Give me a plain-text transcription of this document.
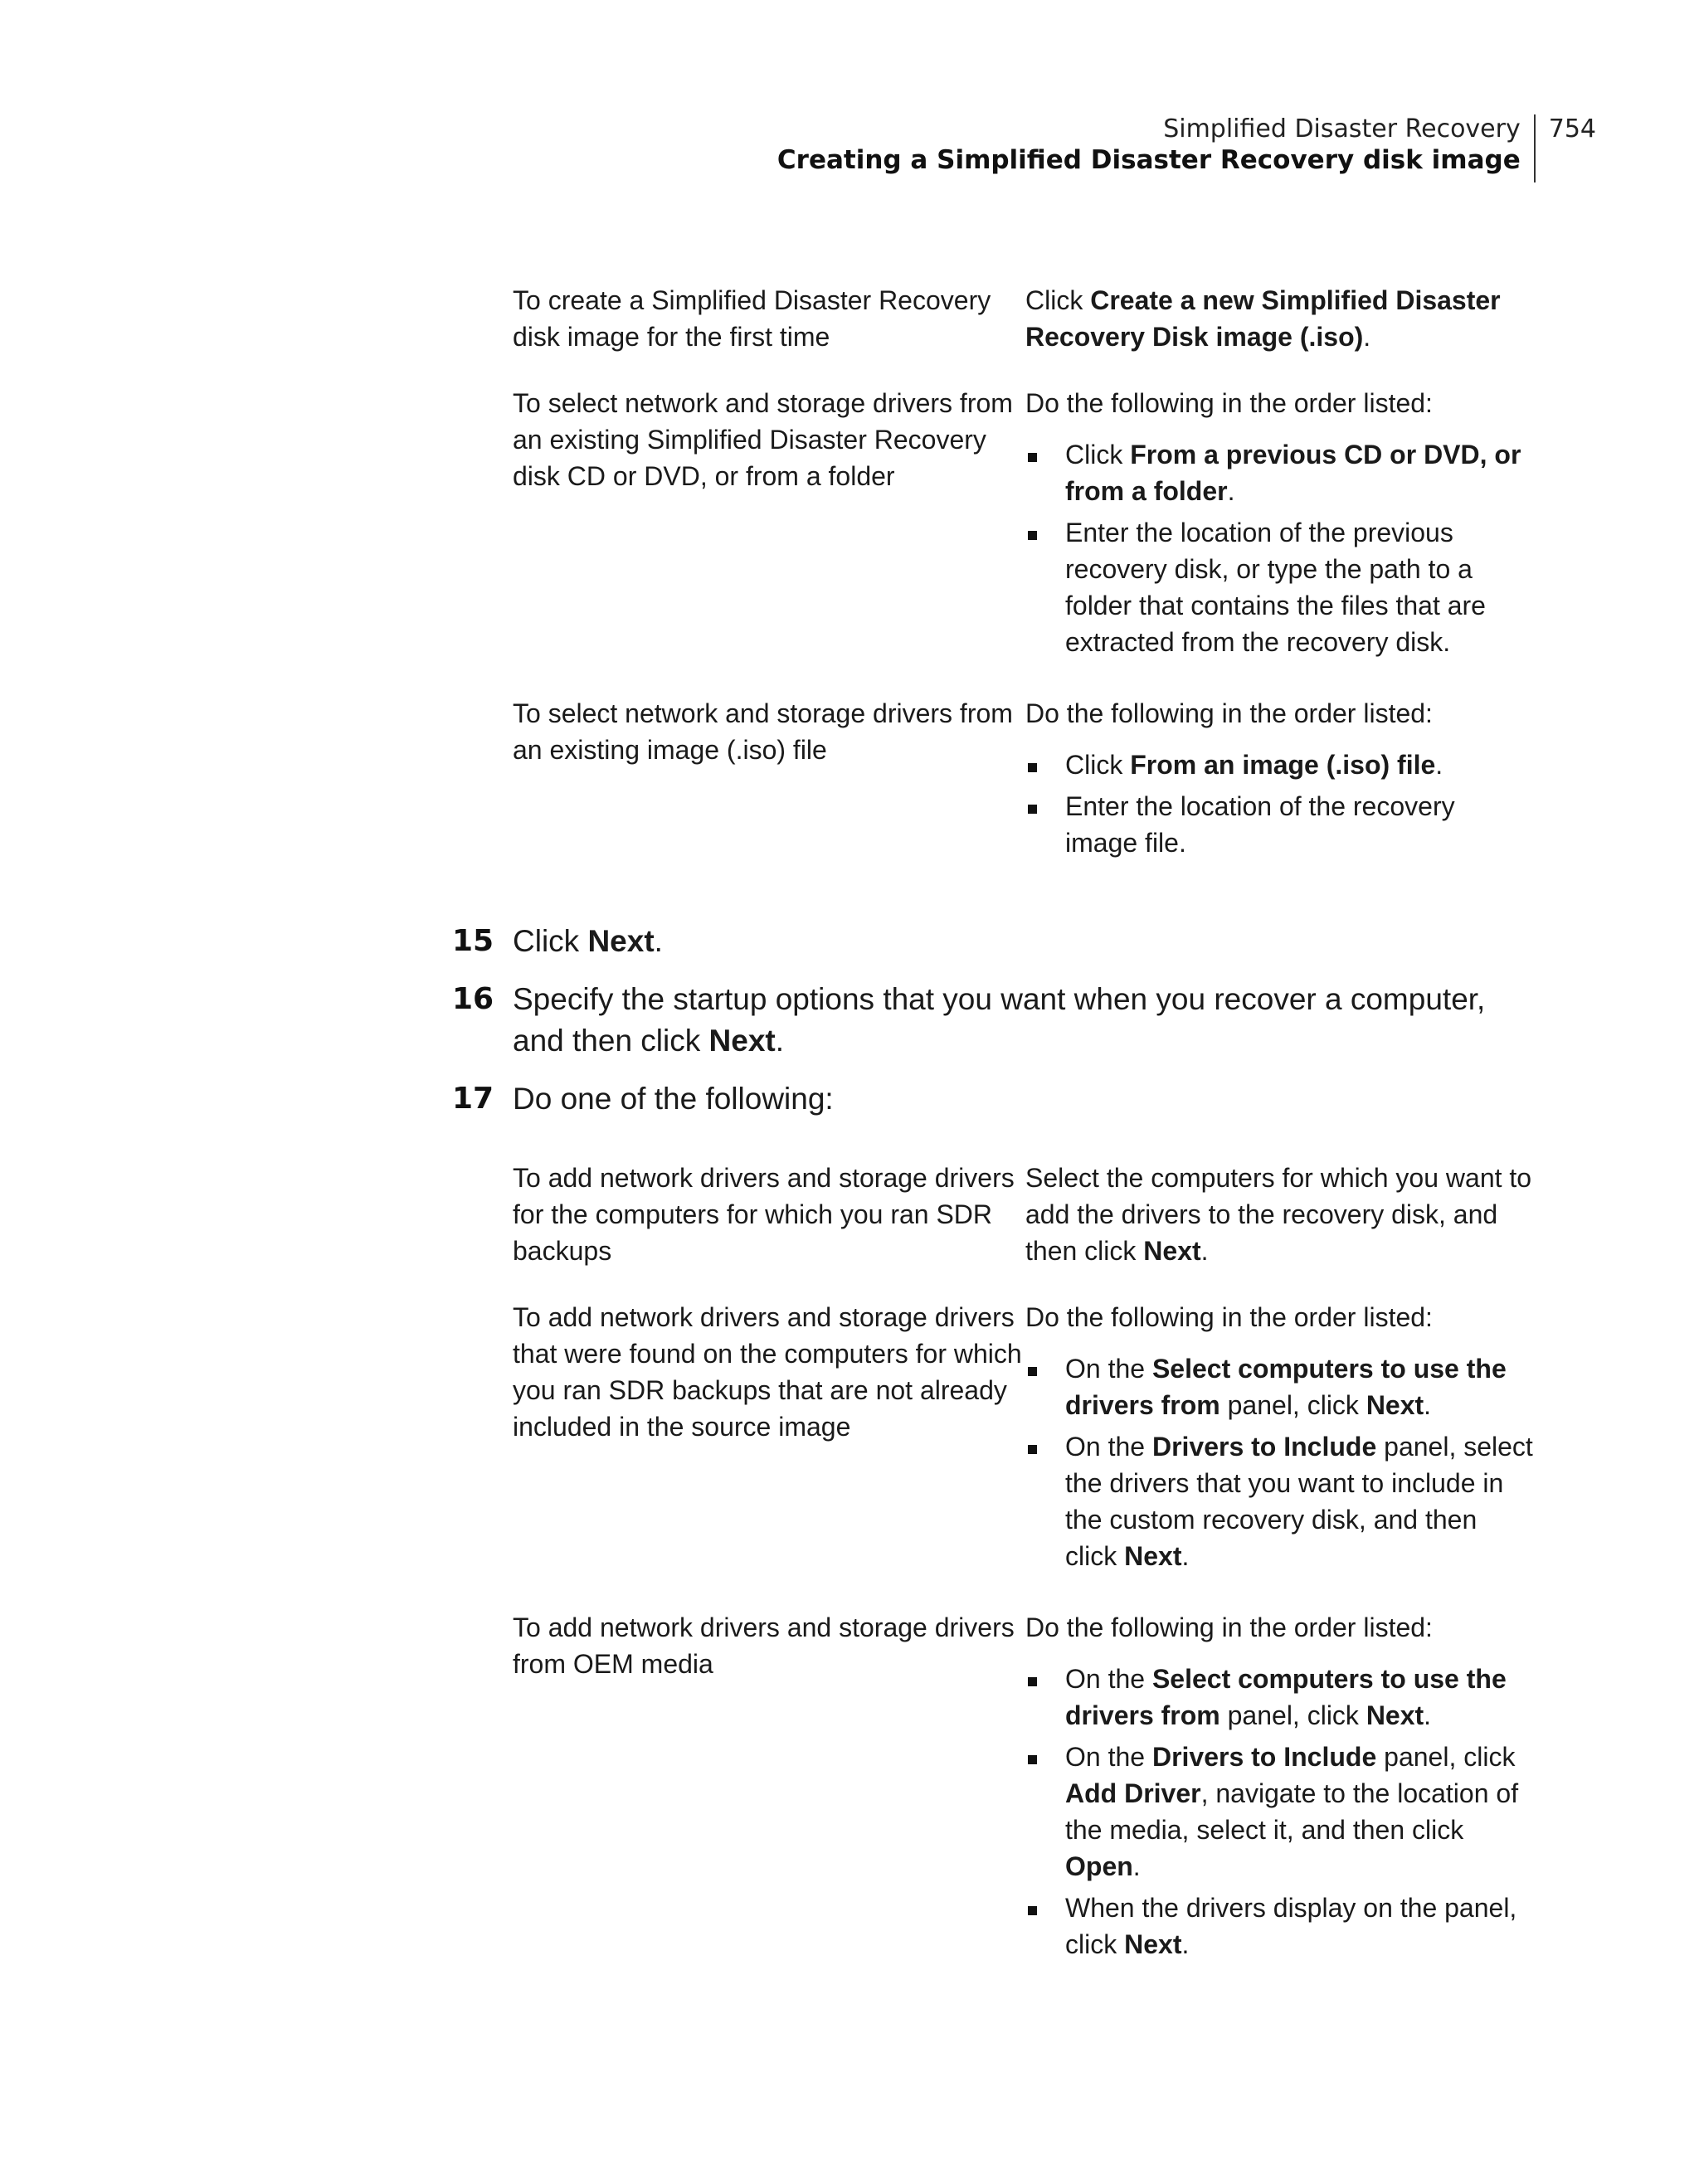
Simplified Disaster Recovery
Creating a Simplified Disaster Recovery disk image
754
To create a Simplified Disaster Recovery disk image for the first time

Click Create a new Simplified Disaster Recovery Disk image (.iso).

To select network and storage drivers from an existing Simplified Disaster Recovery disk CD or DVD, or from a folder

Do the following in the order listed:

Click From a previous CD or DVD, or from a folder.
Enter the location of the previous recovery disk, or type the path to a folder that contains the files that are extracted from the recovery disk.
To select network and storage drivers from an existing image (.iso) file

Do the following in the order listed:

Click From an image (.iso) file.
Enter the location of the recovery image file.
15 Click Next.
16 Specify the startup options that you want when you recover a computer, and then click Next.
17 Do one of the following:
To add network drivers and storage drivers for the computers for which you ran SDR backups

Select the computers for which you want to add the drivers to the recovery disk, and then click Next.

To add network drivers and storage drivers that were found on the computers for which you ran SDR backups that are not already included in the source image

Do the following in the order listed:

On the Select computers to use the drivers from panel, click Next.
On the Drivers to Include panel, select the drivers that you want to include in the custom recovery disk, and then click Next.
To add network drivers and storage drivers from OEM media

Do the following in the order listed:

On the Select computers to use the drivers from panel, click Next.
On the Drivers to Include panel, click Add Driver, navigate to the location of the media, select it, and then click Open.
When the drivers display on the panel, click Next.
